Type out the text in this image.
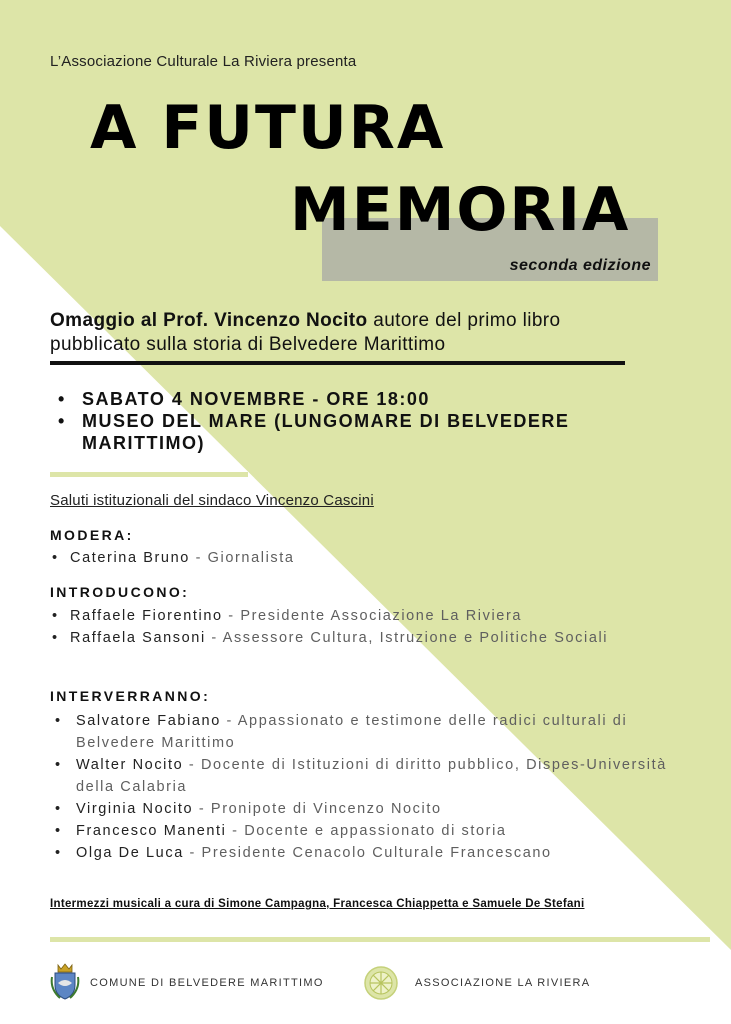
L’Associazione Culturale La Riviera presenta
A FUTURA
MEMORIA
seconda edizione
Omaggio al Prof. Vincenzo Nocito autore del primo libro pubblicato sulla storia di Belvedere Marittimo
• SABATO 4 NOVEMBRE - ORE 18:00
• MUSEO DEL MARE (LUNGOMARE DI BELVEDERE MARITTIMO)
Saluti istituzionali del sindaco Vincenzo Cascini
MODERA:
• Caterina Bruno - Giornalista
INTRODUCONO:
• Raffaele Fiorentino - Presidente Associazione La Riviera
• Raffaela Sansoni - Assessore Cultura, Istruzione e Politiche Sociali
INTERVERRANNO:
• Salvatore Fabiano - Appassionato e testimone delle radici culturali di Belvedere Marittimo
• Walter Nocito - Docente di Istituzioni di diritto pubblico, Dispes-Università della Calabria
• Virginia Nocito - Pronipote di Vincenzo Nocito
• Francesco Manenti - Docente e appassionato di storia
• Olga De Luca - Presidente Cenacolo Culturale Francescano
Intermezzi musicali a cura di Simone Campagna, Francesca Chiappetta e Samuele De Stefani
COMUNE DI BELVEDERE MARITTIMO	ASSOCIAZIONE LA RIVIERA
